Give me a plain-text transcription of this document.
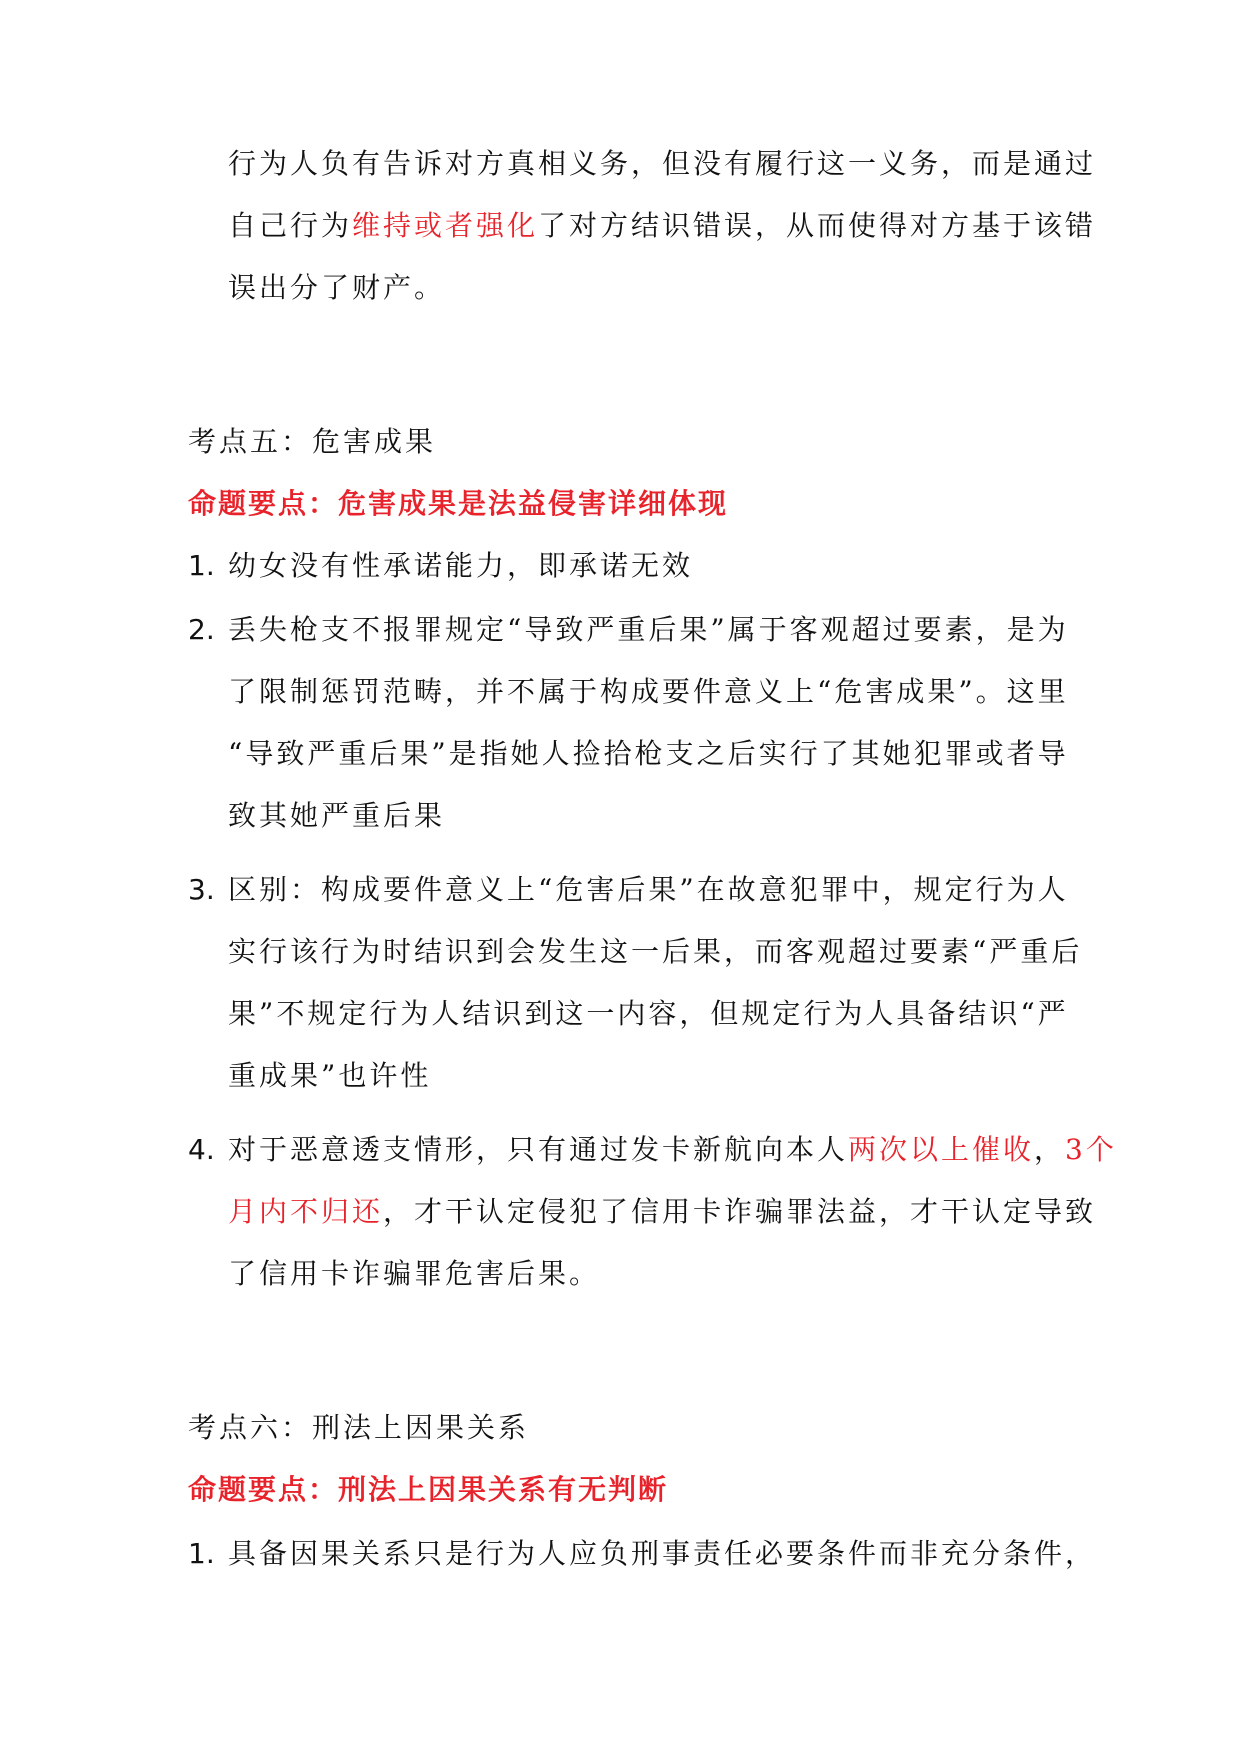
行为人负有告诉对方真相义务，但没有履行这一义务，而是通过
自己行为维持或者强化了对方结识错误，从而使得对方基于该错
误出分了财产。
考点五：危害成果
命题要点：危害成果是法益侵害详细体现
1. 幼女没有性承诺能力，即承诺无效
2. 丢失枪支不报罪规定“导致严重后果”属于客观超过要素，是为
了限制惩罚范畴，并不属于构成要件意义上“危害成果”。这里
“导致严重后果”是指她人捡拾枪支之后实行了其她犯罪或者导
致其她严重后果
3. 区别：构成要件意义上“危害后果”在故意犯罪中，规定行为人
实行该行为时结识到会发生这一后果，而客观超过要素“严重后
果”不规定行为人结识到这一内容，但规定行为人具备结识“严
重成果”也许性
4. 对于恶意透支情形，只有通过发卡新航向本人两次以上催收，3个
月内不归还，才干认定侵犯了信用卡诈骗罪法益，才干认定导致
了信用卡诈骗罪危害后果。
考点六：刑法上因果关系
命题要点：刑法上因果关系有无判断
1. 具备因果关系只是行为人应负刑事责任必要条件而非充分条件，
